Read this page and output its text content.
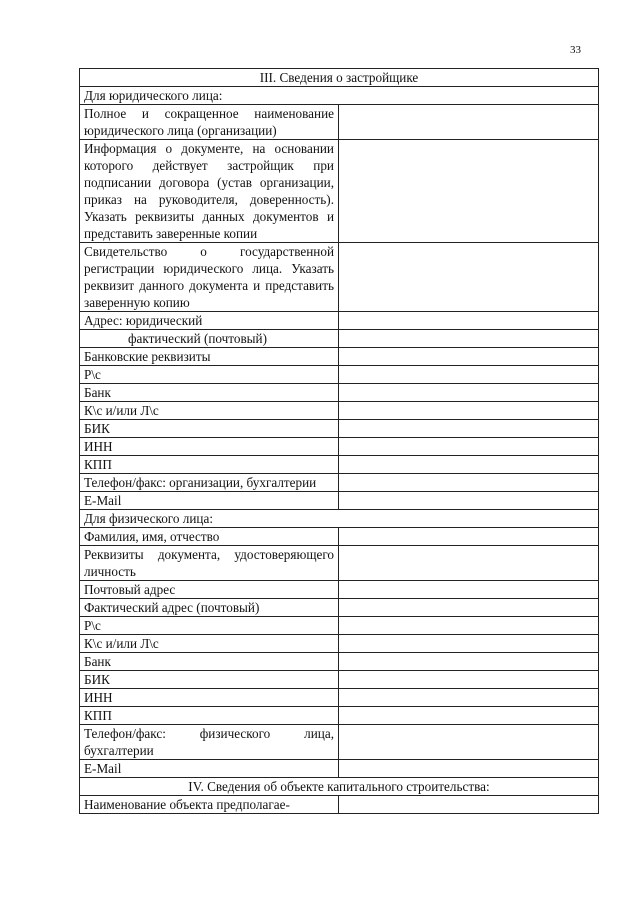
33
III. Сведения о застройщике	
Для юридического лица:	
Полное и сокращенное наименование юридического лица (организации)	
Информация о документе, на основании которого действует застройщик при подписании договора (устав организации, приказ на руководителя, доверенность). Указать реквизиты данных документов и представить заверенные копии	
Свидетельство о государственной регистрации юридического лица. Указать реквизит данного документа и представить заверенную копию	
Адрес: юридический	
фактический (почтовый)	
Банковские реквизиты	
Р\с	
Банк	
К\с и/или Л\с	
БИК	
ИНН	
КПП	
Телефон/факс: организации, бухгалтерии	
E-Mail	
Для физического лица:	
Фамилия, имя, отчество	
Реквизиты документа, удостоверяющего личность	
Почтовый адрес	
Фактический адрес (почтовый)	
Р\с	
К\с и/или Л\с	
Банк	
БИК	
ИНН	
КПП	
Телефон/факс: физического лица, бухгалтерии	
E-Mail	
IV. Сведения об объекте капитального строительства:	
Наименование объекта предполагае-	
